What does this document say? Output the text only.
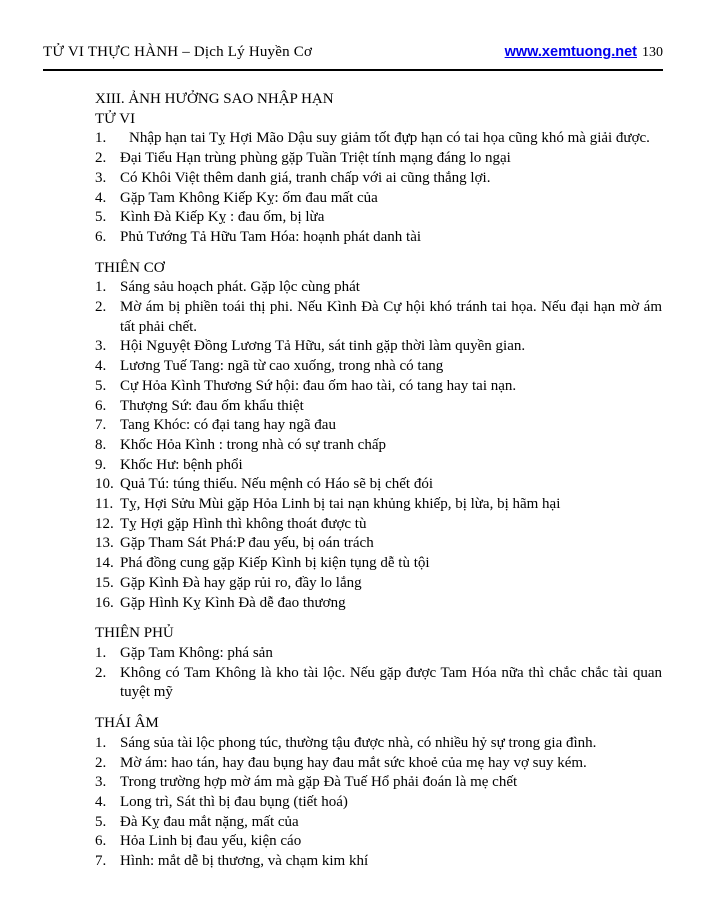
TỬ VI THỰC HÀNH – Dịch Lý Huyền Cơ	www.xemtuong.net 130
XIII. ẢNH HƯỞNG SAO NHẬP HẠN
TỬ VI
1.	Nhập hạn tai Tỵ Hợi Mão Dậu suy giảm tốt đựp hạn có tai họa cũng khó mà giải được.
2. Đại Tiểu Hạn trùng phùng gặp Tuần Triệt tính mạng đáng lo ngại
3. Có Khôi Việt thêm danh giá, tranh chấp với ai cũng thắng lợi.
4. Gặp Tam Không Kiếp Kỵ: ốm đau mất của
5. Kình Đà Kiếp Kỵ : đau ốm, bị lừa
6. Phủ Tướng Tả Hữu Tam Hóa: hoạnh phát danh tài
THIÊN CƠ
1. Sáng sảu hoạch phát. Gặp lộc cùng phát
2. Mờ ám bị phiền toái thị phi. Nếu Kình Đà Cự hội khó tránh tai họa. Nếu đại hạn mờ ám tất phải chết.
3. Hội Nguyệt Đồng Lương Tả Hữu, sát tinh gặp thời làm quyền gian.
4. Lương Tuế Tang: ngã từ cao xuống, trong nhà có tang
5. Cự Hỏa Kình Thương Sứ hội: đau ốm hao tài, có tang hay tai nạn.
6. Thượng Sứ: đau ốm khẩu thiệt
7. Tang Khóc: có đại tang hay ngã đau
8. Khốc Hỏa Kình : trong nhà có sự tranh chấp
9. Khốc Hư: bệnh phổi
10. Quả Tú: túng thiếu. Nếu mệnh có Háo sẽ bị chết đói
11. Tỵ, Hợi Sửu Mùi gặp Hỏa Linh bị tai nạn khủng khiếp, bị lừa, bị hãm hại
12. Tỵ Hợi gặp Hình thì không thoát được tù
13. Gặp Tham Sát Phá:P đau yếu, bị oán trách
14. Phá đồng cung gặp Kiếp Kình bị kiện tụng dễ tù tội
15. Gặp Kình Đà hay gặp rủi ro, đầy lo lắng
16. Gặp Hình Kỵ Kình Đà dễ đao thương
THIÊN PHỦ
1. Gặp Tam Không: phá sản
2. Không có Tam Không là kho tài lộc. Nếu gặp được Tam Hóa nữa thì chắc chắc tài quan tuyệt mỹ
THÁI ÂM
1. Sáng sủa tài lộc phong túc, thường tậu được nhà, có nhiều hỷ sự trong gia đình.
2. Mờ ám: hao tán, hay đau bụng hay đau mắt sức khoẻ của mẹ hay vợ suy kém.
3. Trong trường hợp mờ ám mà gặp Đà Tuế Hổ phải đoán là mẹ chết
4. Long trì, Sát thì bị đau bụng (tiết hoá)
5. Đà Kỵ đau mắt nặng, mất của
6. Hỏa Linh bị đau yếu, kiện cáo
7. Hình: mắt dễ bị thương, và chạm kim khí
